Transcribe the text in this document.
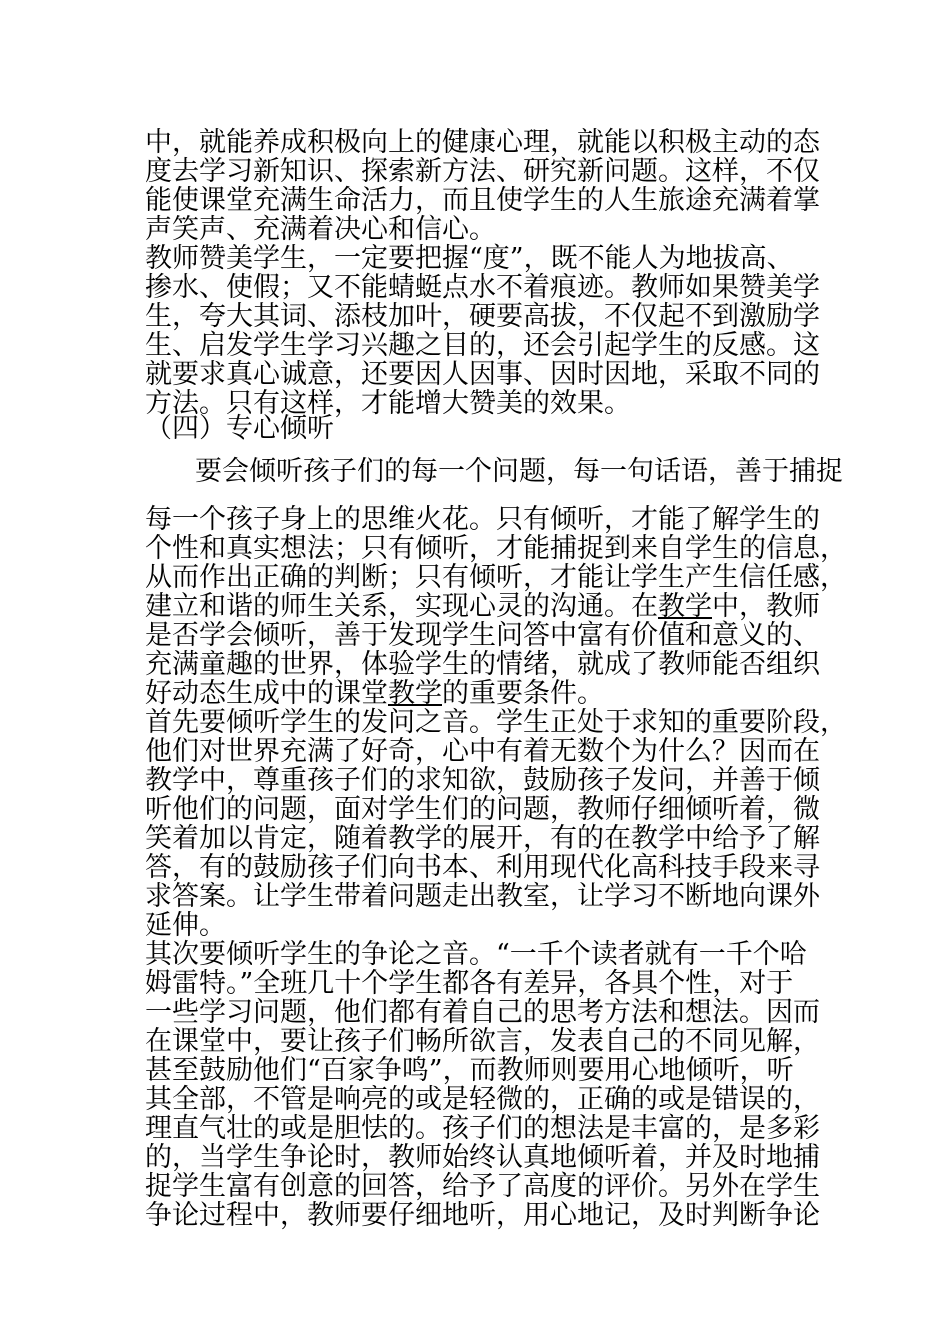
中，就能养成积极向上的健康心理，就能以积极主动的态
度去学习新知识、探索新方法、研究新问题。这样，不仅
能使课堂充满生命活力，而且使学生的人生旅途充满着掌
声笑声、充满着决心和信心。
教师赞美学生，一定要把握“度”，既不能人为地拔高、
掺水、使假；又不能蜻蜓点水不着痕迹。教师如果赞美学
生，夸大其词、添枝加叶，硬要高拔，不仅起不到激励学
生、启发学生学习兴趣之目的，还会引起学生的反感。这
就要求真心诚意，还要因人因事、因时因地，采取不同的
方法。只有这样，才能增大赞美的效果。
（四）专心倾听
要会倾听孩子们的每一个问题，每一句话语，善于捕捉
每一个孩子身上的思维火花。只有倾听，才能了解学生的
个性和真实想法；只有倾听，才能捕捉到来自学生的信息，
从而作出正确的判断；只有倾听，才能让学生产生信任感，
建立和谐的师生关系，实现心灵的沟通。在教学中，教师
是否学会倾听，善于发现学生问答中富有价值和意义的、
充满童趣的世界，体验学生的情绪，就成了教师能否组织
好动态生成中的课堂教学的重要条件。
首先要倾听学生的发问之音。学生正处于求知的重要阶段，
他们对世界充满了好奇，心中有着无数个为什么？因而在
教学中，尊重孩子们的求知欲，鼓励孩子发问，并善于倾
听他们的问题，面对学生们的问题，教师仔细倾听着，微
笑着加以肯定，随着教学的展开，有的在教学中给予了解
答，有的鼓励孩子们向书本、利用现代化高科技手段来寻
求答案。让学生带着问题走出教室，让学习不断地向课外
延伸。
其次要倾听学生的争论之音。“一千个读者就有一千个哈
姆雷特。”全班几十个学生都各有差异，各具个性，对于
一些学习问题，他们都有着自己的思考方法和想法。因而
在课堂中，要让孩子们畅所欲言，发表自己的不同见解，
甚至鼓励他们“百家争鸣”，而教师则要用心地倾听，听
其全部，不管是响亮的或是轻微的，正确的或是错误的，
理直气壮的或是胆怯的。孩子们的想法是丰富的，是多彩
的，当学生争论时，教师始终认真地倾听着，并及时地捕
捉学生富有创意的回答，给予了高度的评价。另外在学生
争论过程中，教师要仔细地听，用心地记，及时判断争论
